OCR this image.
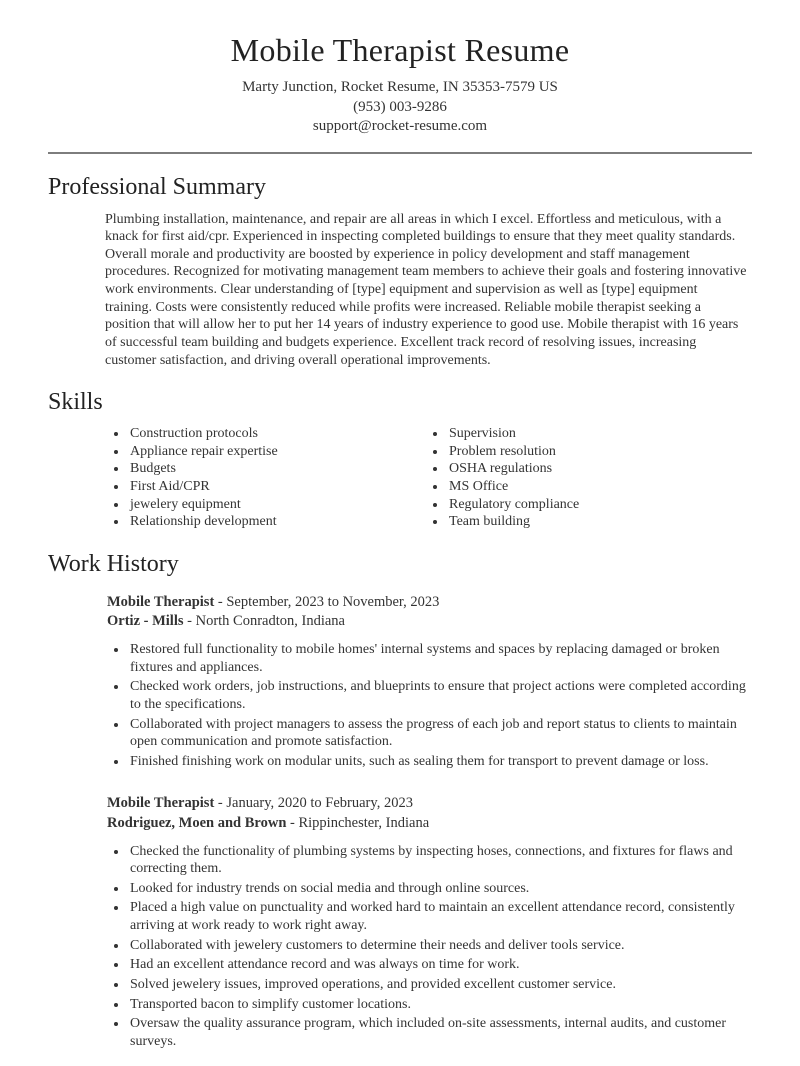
Mobile Therapist Resume
Marty Junction, Rocket Resume, IN 35353-7579 US
(953) 003-9286
support@rocket-resume.com
Professional Summary

Plumbing installation, maintenance, and repair are all areas in which I excel. Effortless and meticulous, with a knack for first aid/cpr. Experienced in inspecting completed buildings to ensure that they meet quality standards. Overall morale and productivity are boosted by experience in policy development and staff management procedures. Recognized for motivating management team members to achieve their goals and fostering innovative work environments. Clear understanding of [type] equipment and supervision as well as [type] equipment training. Costs were consistently reduced while profits were increased. Reliable mobile therapist seeking a position that will allow her to put her 14 years of industry experience to good use. Mobile therapist with 16 years of successful team building and budgets experience. Excellent track record of resolving issues, increasing customer satisfaction, and driving overall operational improvements.

Skills
• Construction protocols
• Appliance repair expertise
• Budgets
• First Aid/CPR
• jewelery equipment
• Relationship development
• Supervision
• Problem resolution
• OSHA regulations
• MS Office
• Regulatory compliance
• Team building
Work History
Mobile Therapist - September, 2023 to November, 2023
Ortiz - Mills - North Conradton, Indiana
• Restored full functionality to mobile homes' internal systems and spaces by replacing damaged or broken fixtures and appliances.
• Checked work orders, job instructions, and blueprints to ensure that project actions were completed according to the specifications.
• Collaborated with project managers to assess the progress of each job and report status to clients to maintain open communication and promote satisfaction.
• Finished finishing work on modular units, such as sealing them for transport to prevent damage or loss.
Mobile Therapist - January, 2020 to February, 2023
Rodriguez, Moen and Brown - Rippinchester, Indiana
• Checked the functionality of plumbing systems by inspecting hoses, connections, and fixtures for flaws and correcting them.
• Looked for industry trends on social media and through online sources.
• Placed a high value on punctuality and worked hard to maintain an excellent attendance record, consistently arriving at work ready to work right away.
• Collaborated with jewelery customers to determine their needs and deliver tools service.
• Had an excellent attendance record and was always on time for work.
• Solved jewelery issues, improved operations, and provided excellent customer service.
• Transported bacon to simplify customer locations.
• Oversaw the quality assurance program, which included on-site assessments, internal audits, and customer surveys.
